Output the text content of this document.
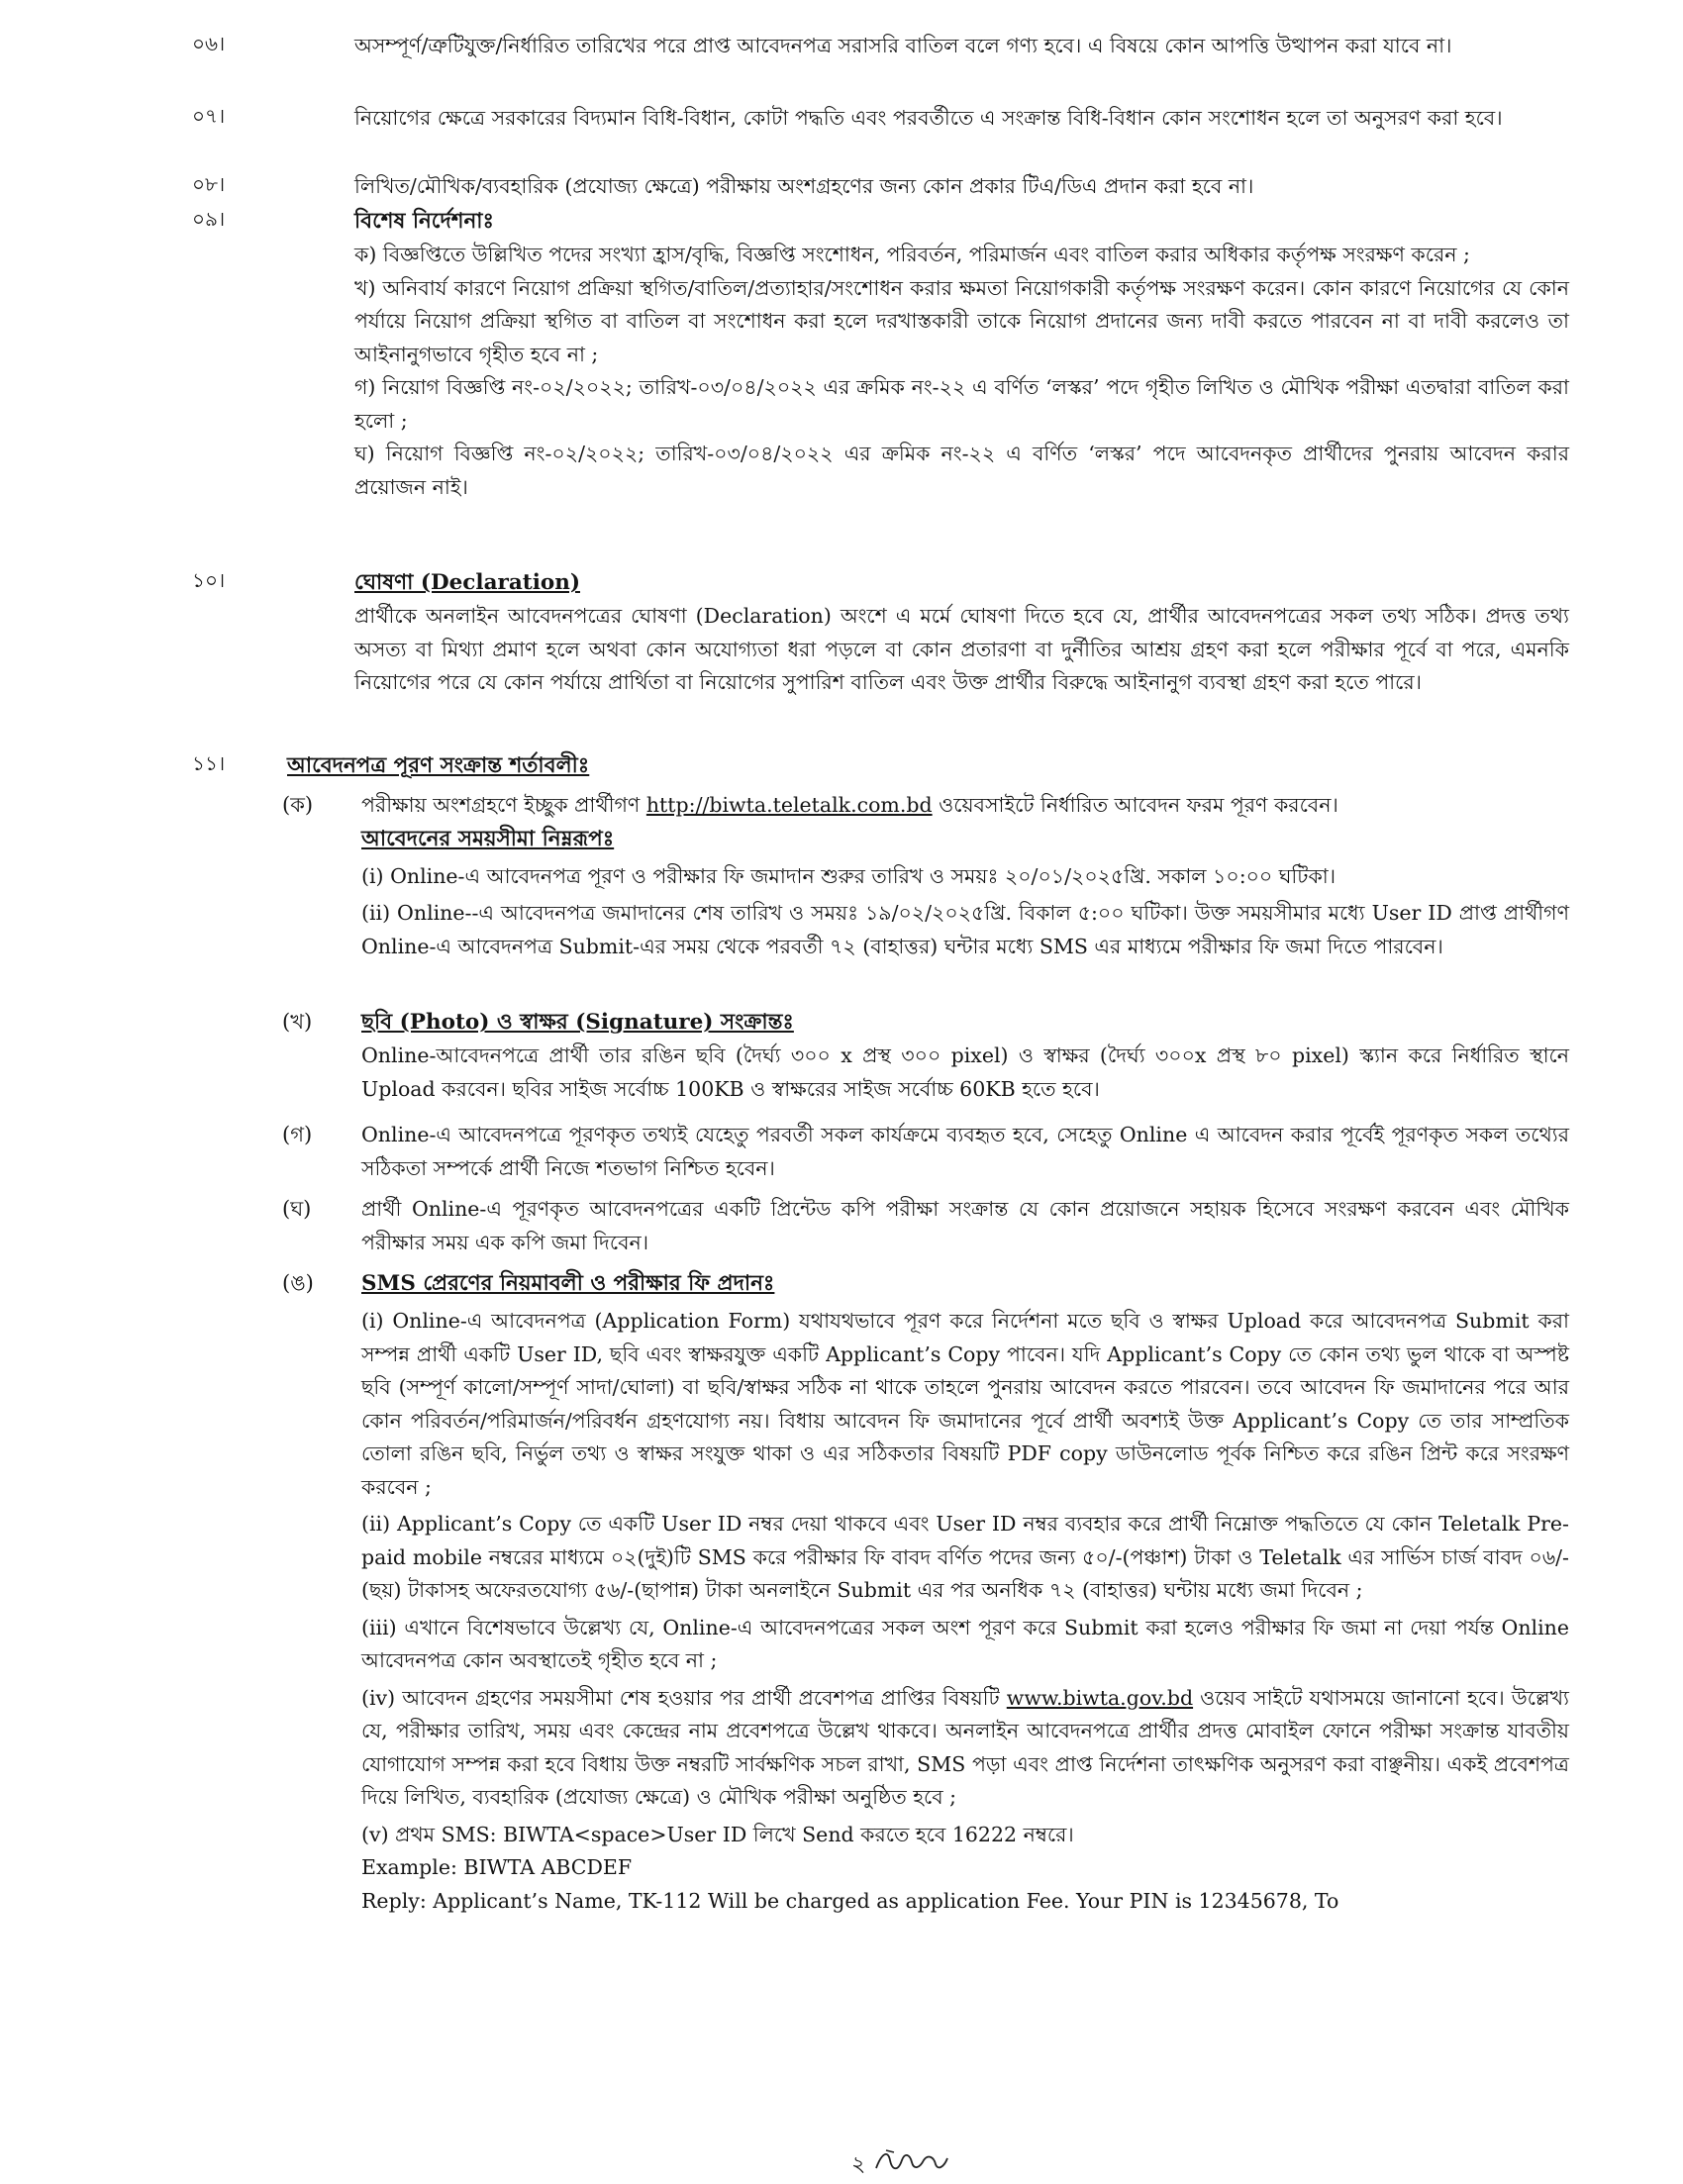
০৬।	অসম্পূর্ণ/ত্রুটিযুক্ত/নির্ধারিত তারিখের পরে প্রাপ্ত আবেদনপত্র সরাসরি বাতিল বলে গণ্য হবে। এ বিষয়ে কোন আপত্তি উত্থাপন করা যাবে না।

০৭।	নিয়োগের ক্ষেত্রে সরকারের বিদ্যমান বিধি-বিধান, কোটা পদ্ধতি এবং পরবর্তীতে এ সংক্রান্ত বিধি-বিধান কোন সংশোধন হলে তা অনুসরণ করা হবে।

০৮।	লিখিত/মৌখিক/ব্যবহারিক (প্রযোজ্য ক্ষেত্রে) পরীক্ষায় অংশগ্রহণের জন্য কোন প্রকার টিএ/ডিএ প্রদান করা হবে না।

০৯।	বিশেষ নির্দেশনাঃ

ক) বিজ্ঞপ্তিতে উল্লিখিত পদের সংখ্যা হ্রাস/বৃদ্ধি, বিজ্ঞপ্তি সংশোধন, পরিবর্তন, পরিমার্জন এবং বাতিল করার অধিকার কর্তৃপক্ষ সংরক্ষণ করেন ;

খ) অনিবার্য কারণে নিয়োগ প্রক্রিয়া স্থগিত/বাতিল/প্রত্যাহার/সংশোধন করার ক্ষমতা নিয়োগকারী কর্তৃপক্ষ সংরক্ষণ করেন। কোন কারণে নিয়োগের যে কোন পর্যায়ে নিয়োগ প্রক্রিয়া স্থগিত বা বাতিল বা সংশোধন করা হলে দরখাস্তকারী তাকে নিয়োগ প্রদানের জন্য দাবী করতে পারবেন না বা দাবী করলেও তা আইনানুগভাবে গৃহীত হবে না ;

গ) নিয়োগ বিজ্ঞপ্তি নং-০২/২০২২; তারিখ-০৩/০৪/২০২২ এর ক্রমিক নং-২২ এ বর্ণিত ‘লস্কর’ পদে গৃহীত লিখিত ও মৌখিক পরীক্ষা এতদ্বারা বাতিল করা হলো ;

ঘ) নিয়োগ বিজ্ঞপ্তি নং-০২/২০২২; তারিখ-০৩/০৪/২০২২ এর ক্রমিক নং-২২ এ বর্ণিত ‘লস্কর’ পদে আবেদনকৃত প্রার্থীদের পুনরায় আবেদন করার প্রয়োজন নাই।

১০।	ঘোষণা (Declaration)

প্রার্থীকে অনলাইন আবেদনপত্রের ঘোষণা (Declaration) অংশে এ মর্মে ঘোষণা দিতে হবে যে, প্রার্থীর আবেদনপত্রের সকল তথ্য সঠিক। প্রদত্ত তথ্য অসত্য বা মিথ্যা প্রমাণ হলে অথবা কোন অযোগ্যতা ধরা পড়লে বা কোন প্রতারণা বা দুর্নীতির আশ্রয় গ্রহণ করা হলে পরীক্ষার পূর্বে বা পরে, এমনকি নিয়োগের পরে যে কোন পর্যায়ে প্রার্থিতা বা নিয়োগের সুপারিশ বাতিল এবং উক্ত প্রার্থীর বিরুদ্ধে আইনানুগ ব্যবস্থা গ্রহণ করা হতে পারে।

১১।	আবেদনপত্র পূরণ সংক্রান্ত শর্তাবলীঃ

(ক)	পরীক্ষায় অংশগ্রহণে ইচ্ছুক প্রার্থীগণ http://biwta.teletalk.com.bd ওয়েবসাইটে নির্ধারিত আবেদন ফরম পূরণ করবেন।

আবেদনের সময়সীমা নিম্নরূপঃ

(i) Online-এ আবেদনপত্র পূরণ ও পরীক্ষার ফি জমাদান শুরুর তারিখ ও সময়ঃ ২০/০১/২০২৫খ্রি. সকাল ১০:০০ ঘটিকা।

(ii) Online--এ আবেদনপত্র জমাদানের শেষ তারিখ ও সময়ঃ ১৯/০২/২০২৫খ্রি. বিকাল ৫:০০ ঘটিকা। উক্ত সময়সীমার মধ্যে User ID প্রাপ্ত প্রার্থীগণ Online-এ আবেদনপত্র Submit-এর সময় থেকে পরবর্তী ৭২ (বাহাত্তর) ঘন্টার মধ্যে SMS এর মাধ্যমে পরীক্ষার ফি জমা দিতে পারবেন।

(খ)	ছবি (Photo) ও স্বাক্ষর (Signature) সংক্রান্তঃ

Online-আবেদনপত্রে প্রার্থী তার রঙিন ছবি (দৈর্ঘ্য ৩০০ x প্রস্থ ৩০০ pixel) ও স্বাক্ষর (দৈর্ঘ্য ৩০০x প্রস্থ ৮০ pixel) স্ক্যান করে নির্ধারিত স্থানে Upload করবেন। ছবির সাইজ সর্বোচ্চ 100KB ও স্বাক্ষরের সাইজ সর্বোচ্চ 60KB হতে হবে।

(গ)	Online-এ আবেদনপত্রে পূরণকৃত তথ্যই যেহেতু পরবর্তী সকল কার্যক্রমে ব্যবহৃত হবে, সেহেতু Online এ আবেদন করার পূর্বেই পূরণকৃত সকল তথ্যের সঠিকতা সম্পর্কে প্রার্থী নিজে শতভাগ নিশ্চিত হবেন।

(ঘ)	প্রার্থী Online-এ পূরণকৃত আবেদনপত্রের একটি প্রিন্টেড কপি পরীক্ষা সংক্রান্ত যে কোন প্রয়োজনে সহায়ক হিসেবে সংরক্ষণ করবেন এবং মৌখিক পরীক্ষার সময় এক কপি জমা দিবেন।

(ঙ)	SMS প্রেরণের নিয়মাবলী ও পরীক্ষার ফি প্রদানঃ

(i) Online-এ আবেদনপত্র (Application Form) যথাযথভাবে পূরণ করে নির্দেশনা মতে ছবি ও স্বাক্ষর Upload করে আবেদনপত্র Submit করা সম্পন্ন প্রার্থী একটি User ID, ছবি এবং স্বাক্ষরযুক্ত একটি Applicant’s Copy পাবেন। যদি Applicant’s Copy তে কোন তথ্য ভুল থাকে বা অস্পষ্ট ছবি (সম্পূর্ণ কালো/সম্পূর্ণ সাদা/ঘোলা) বা ছবি/স্বাক্ষর সঠিক না থাকে তাহলে পুনরায় আবেদন করতে পারবেন। তবে আবেদন ফি জমাদানের পরে আর কোন পরিবর্তন/পরিমার্জন/পরিবর্ধন গ্রহণযোগ্য নয়। বিধায় আবেদন ফি জমাদানের পূর্বে প্রার্থী অবশ্যই উক্ত Applicant’s Copy তে তার সাম্প্রতিক তোলা রঙিন ছবি, নির্ভুল তথ্য ও স্বাক্ষর সংযুক্ত থাকা ও এর সঠিকতার বিষয়টি PDF copy ডাউনলোড পূর্বক নিশ্চিত করে রঙিন প্রিন্ট করে সংরক্ষণ করবেন ;

(ii) Applicant’s Copy তে একটি User ID নম্বর দেয়া থাকবে এবং User ID নম্বর ব্যবহার করে প্রার্থী নিম্নোক্ত পদ্ধতিতে যে কোন Teletalk Pre-paid mobile নম্বরের মাধ্যমে ০২(দুই)টি SMS করে পরীক্ষার ফি বাবদ বর্ণিত পদের জন্য ৫০/-(পঞ্চাশ) টাকা ও Teletalk এর সার্ভিস চার্জ বাবদ ০৬/-(ছয়) টাকাসহ অফেরতযোগ্য ৫৬/-(ছাপান্ন) টাকা অনলাইনে Submit এর পর অনধিক ৭২ (বাহাত্তর) ঘন্টায় মধ্যে জমা দিবেন ;

(iii) এখানে বিশেষভাবে উল্লেখ্য যে, Online-এ আবেদনপত্রের সকল অংশ পূরণ করে Submit করা হলেও পরীক্ষার ফি জমা না দেয়া পর্যন্ত Online আবেদনপত্র কোন অবস্থাতেই গৃহীত হবে না ;

(iv) আবেদন গ্রহণের সময়সীমা শেষ হওয়ার পর প্রার্থী প্রবেশপত্র প্রাপ্তির বিষয়টি www.biwta.gov.bd ওয়েব সাইটে যথাসময়ে জানানো হবে। উল্লেখ্য যে, পরীক্ষার তারিখ, সময় এবং কেন্দ্রের নাম প্রবেশপত্রে উল্লেখ থাকবে। অনলাইন আবেদনপত্রে প্রার্থীর প্রদত্ত মোবাইল ফোনে পরীক্ষা সংক্রান্ত যাবতীয় যোগাযোগ সম্পন্ন করা হবে বিধায় উক্ত নম্বরটি সার্বক্ষণিক সচল রাখা, SMS পড়া এবং প্রাপ্ত নির্দেশনা তাৎক্ষণিক অনুসরণ করা বাঞ্ছনীয়। একই প্রবেশপত্র দিয়ে লিখিত, ব্যবহারিক (প্রযোজ্য ক্ষেত্রে) ও মৌখিক পরীক্ষা অনুষ্ঠিত হবে ;

(v) প্রথম SMS: BIWTA<space>User ID লিখে Send করতে হবে 16222 নম্বরে।

Example: BIWTA ABCDEF

Reply: Applicant’s Name, TK-112 Will be charged as application Fee. Your PIN is 12345678, To

২
